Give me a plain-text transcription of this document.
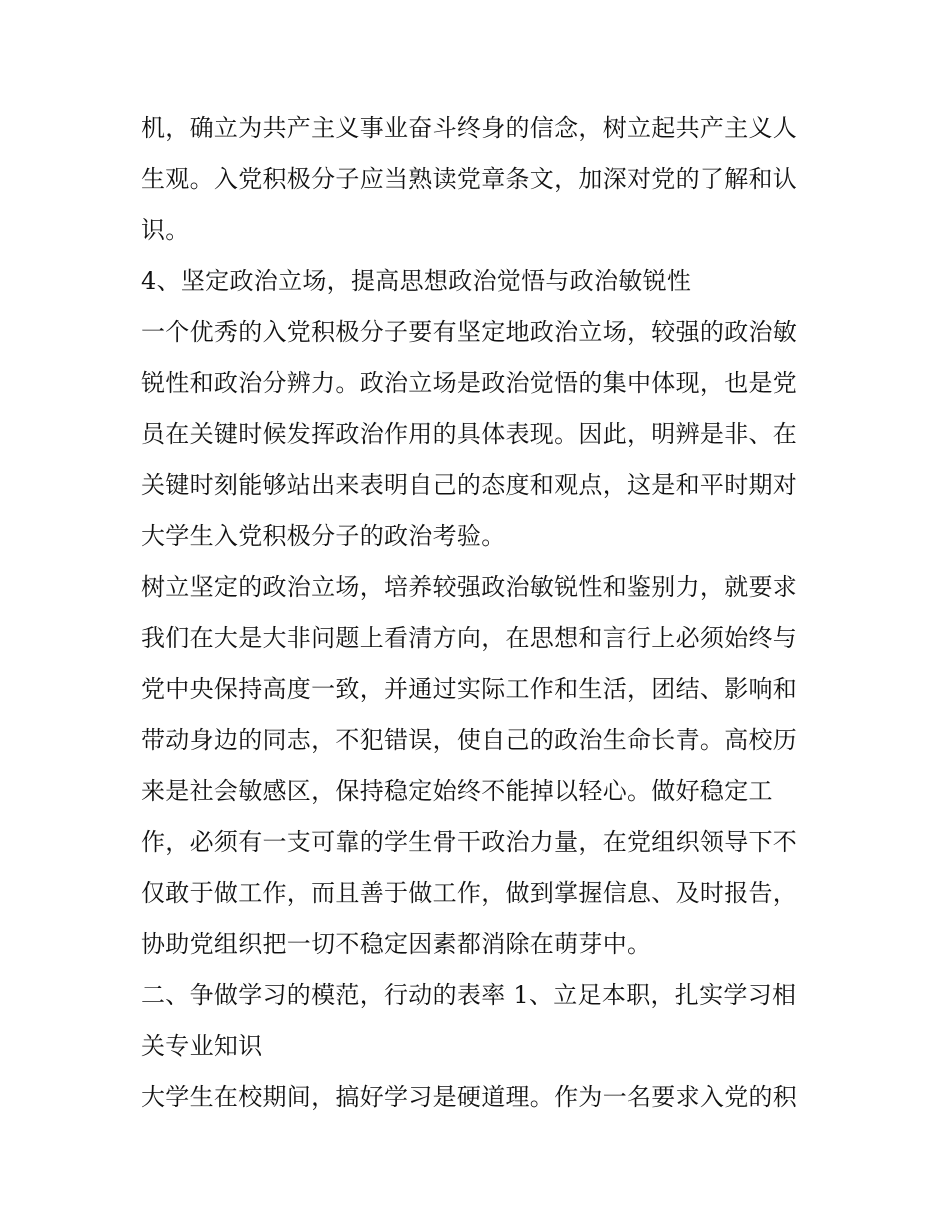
机，确立为共产主义事业奋斗终身的信念，树立起共产主义人
生观。入党积极分子应当熟读党章条文，加深对党的了解和认
识。
4、坚定政治立场，提高思想政治觉悟与政治敏锐性
一个优秀的入党积极分子要有坚定地政治立场，较强的政治敏
锐性和政治分辨力。政治立场是政治觉悟的集中体现，也是党
员在关键时候发挥政治作用的具体表现。因此，明辨是非、在
关键时刻能够站出来表明自己的态度和观点，这是和平时期对
大学生入党积极分子的政治考验。
树立坚定的政治立场，培养较强政治敏锐性和鉴别力，就要求
我们在大是大非问题上看清方向，在思想和言行上必须始终与
党中央保持高度一致，并通过实际工作和生活，团结、影响和
带动身边的同志，不犯错误，使自己的政治生命长青。高校历
来是社会敏感区，保持稳定始终不能掉以轻心。做好稳定工
作，必须有一支可靠的学生骨干政治力量，在党组织领导下不
仅敢于做工作，而且善于做工作，做到掌握信息、及时报告，
协助党组织把一切不稳定因素都消除在萌芽中。
二、争做学习的模范，行动的表率 1、立足本职，扎实学习相
关专业知识
大学生在校期间，搞好学习是硬道理。作为一名要求入党的积
